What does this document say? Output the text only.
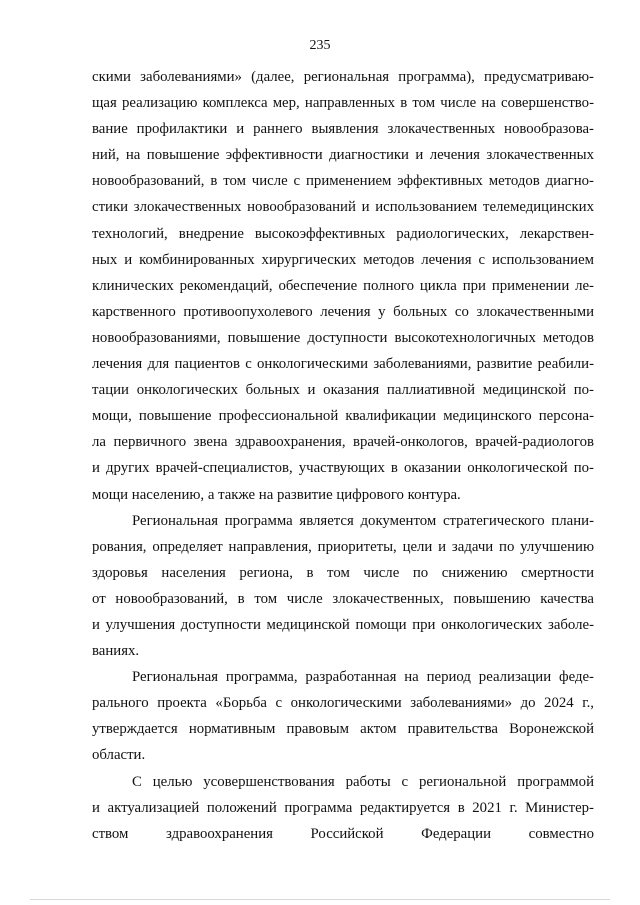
235
скими заболеваниями» (далее, региональная программа), предусматриваю-
щая реализацию комплекса мер, направленных в том числе на совершенство-
вание профилактики и раннего выявления злокачественных новообразова-
ний, на повышение эффективности диагностики и лечения злокачественных
новообразований, в том числе с применением эффективных методов диагно-
стики злокачественных новообразований и использованием телемедицинских
технологий, внедрение высокоэффективных радиологических, лекарствен-
ных и комбинированных хирургических методов лечения с использованием
клинических рекомендаций, обеспечение полного цикла при применении ле-
карственного противоопухолевого лечения у больных со злокачественными
новообразованиями, повышение доступности высокотехнологичных методов
лечения для пациентов с онкологическими заболеваниями, развитие реабили-
тации онкологических больных и оказания паллиативной медицинской по-
мощи, повышение профессиональной квалификации медицинского персона-
ла первичного звена здравоохранения, врачей-онкологов, врачей-радиологов
и других врачей-специалистов, участвующих в оказании онкологической по-
мощи населению, а также на развитие цифрового контура.
Региональная программа является документом стратегического плани-
рования, определяет направления, приоритеты, цели и задачи по улучшению
здоровья населения региона, в том числе по снижению смертности
от новообразований, в том числе злокачественных, повышению качества
и улучшения доступности медицинской помощи при онкологических заболе-
ваниях.
Региональная программа, разработанная на период реализации феде-
рального проекта «Борьба с онкологическими заболеваниями» до 2024 г.,
утверждается нормативным правовым актом правительства Воронежской
области.
С целью усовершенствования работы с региональной программой
и актуализацией положений программа редактируется в 2021 г. Министер-
ством здравоохранения Российской Федерации совместно
